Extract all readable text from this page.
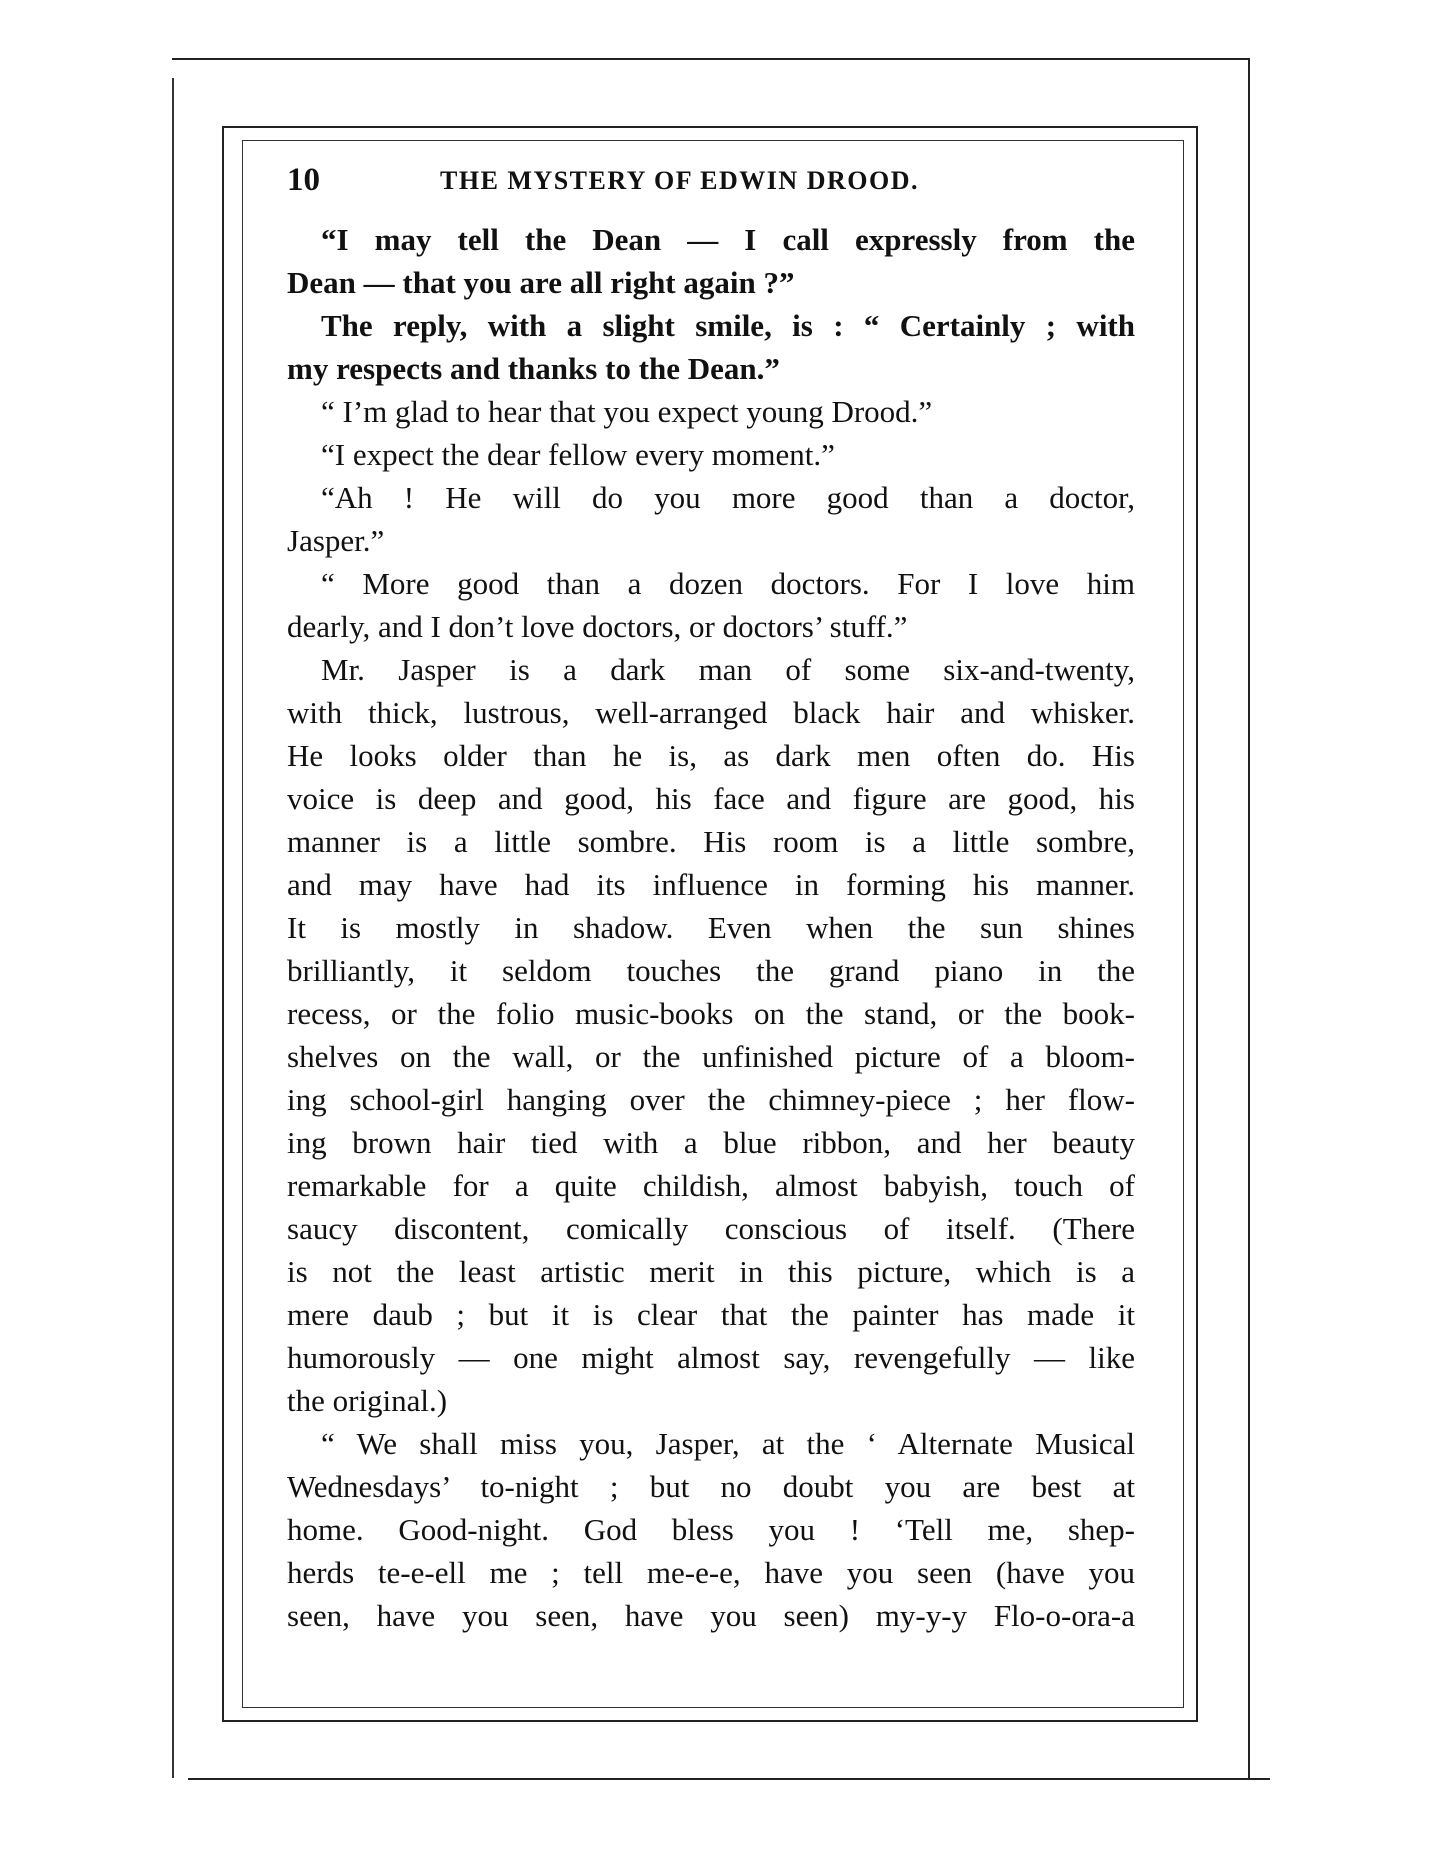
10	THE MYSTERY OF EDWIN DROOD.
“I may tell the Dean — I call expressly from the
Dean — that you are all right again ?”
The reply, with a slight smile, is : “ Certainly ; with
my respects and thanks to the Dean.”
“ I’m glad to hear that you expect young Drood.”
“I expect the dear fellow every moment.”
“Ah ! He will do you more good than a doctor,
Jasper.”
“ More good than a dozen doctors. For I love him
dearly, and I don’t love doctors, or doctors’ stuff.”
Mr. Jasper is a dark man of some six-and-twenty,
with thick, lustrous, well-arranged black hair and whisker.
He looks older than he is, as dark men often do. His
voice is deep and good, his face and figure are good, his
manner is a little sombre. His room is a little sombre,
and may have had its influence in forming his manner.
It is mostly in shadow. Even when the sun shines
brilliantly, it seldom touches the grand piano in the
recess, or the folio music-books on the stand, or the book-
shelves on the wall, or the unfinished picture of a bloom-
ing school-girl hanging over the chimney-piece ; her flow-
ing brown hair tied with a blue ribbon, and her beauty
remarkable for a quite childish, almost babyish, touch of
saucy discontent, comically conscious of itself. (There
is not the least artistic merit in this picture, which is a
mere daub ; but it is clear that the painter has made it
humorously — one might almost say, revengefully — like
the original.)
“ We shall miss you, Jasper, at the ‘ Alternate Musical
Wednesdays’ to-night ; but no doubt you are best at
home. Good-night. God bless you ! ‘Tell me, shep-
herds te-e-ell me ; tell me-e-e, have you seen (have you
seen, have you seen, have you seen) my-y-y Flo-o-ora-a
